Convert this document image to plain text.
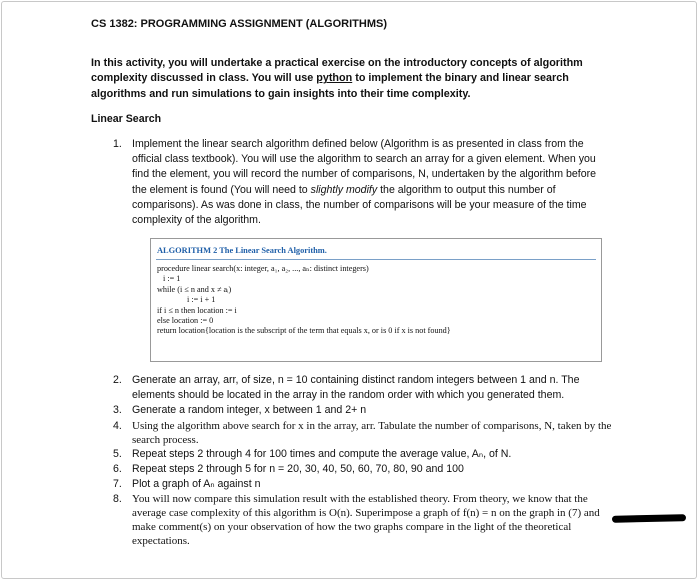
CS 1382: PROGRAMMING ASSIGNMENT (ALGORITHMS)
In this activity, you will undertake a practical exercise on the introductory concepts of algorithm complexity discussed in class. You will use python to implement the binary and linear search algorithms and run simulations to gain insights into their time complexity.
Linear Search
1. Implement the linear search algorithm defined below (Algorithm is as presented in class from the official class textbook). You will use the algorithm to search an array for a given element. When you find the element, you will record the number of comparisons, N, undertaken by the algorithm before the element is found (You will need to slightly modify the algorithm to output this number of comparisons). As was done in class, the number of comparisons will be your measure of the time complexity of the algorithm.
ALGORITHM 2 The Linear Search Algorithm.
procedure linear search(x: integer, a₁, a₂, ..., aₙ: distinct integers)
i := 1
while (i ≤ n and x ≠ aᵢ)
i := i + 1
if i ≤ n then location := i
else location := 0
return location{location is the subscript of the term that equals x, or is 0 if x is not found}
2. Generate an array, arr, of size, n = 10 containing distinct random integers between 1 and n. The elements should be located in the array in the random order with which you generated them.
3. Generate a random integer, x between 1 and 2+ n
4. Using the algorithm above search for x in the array, arr. Tabulate the number of comparisons, N, taken by the search process.
5. Repeat steps 2 through 4 for 100 times and compute the average value, Aₙ, of N.
6. Repeat steps 2 through 5 for n = 20, 30, 40, 50, 60, 70, 80, 90 and 100
7. Plot a graph of Aₙ against n
8. You will now compare this simulation result with the established theory. From theory, we know that the average case complexity of this algorithm is O(n). Superimpose a graph of f(n) = n on the graph in (7) and make comment(s) on your observation of how the two graphs compare in the light of the theoretical expectations.
